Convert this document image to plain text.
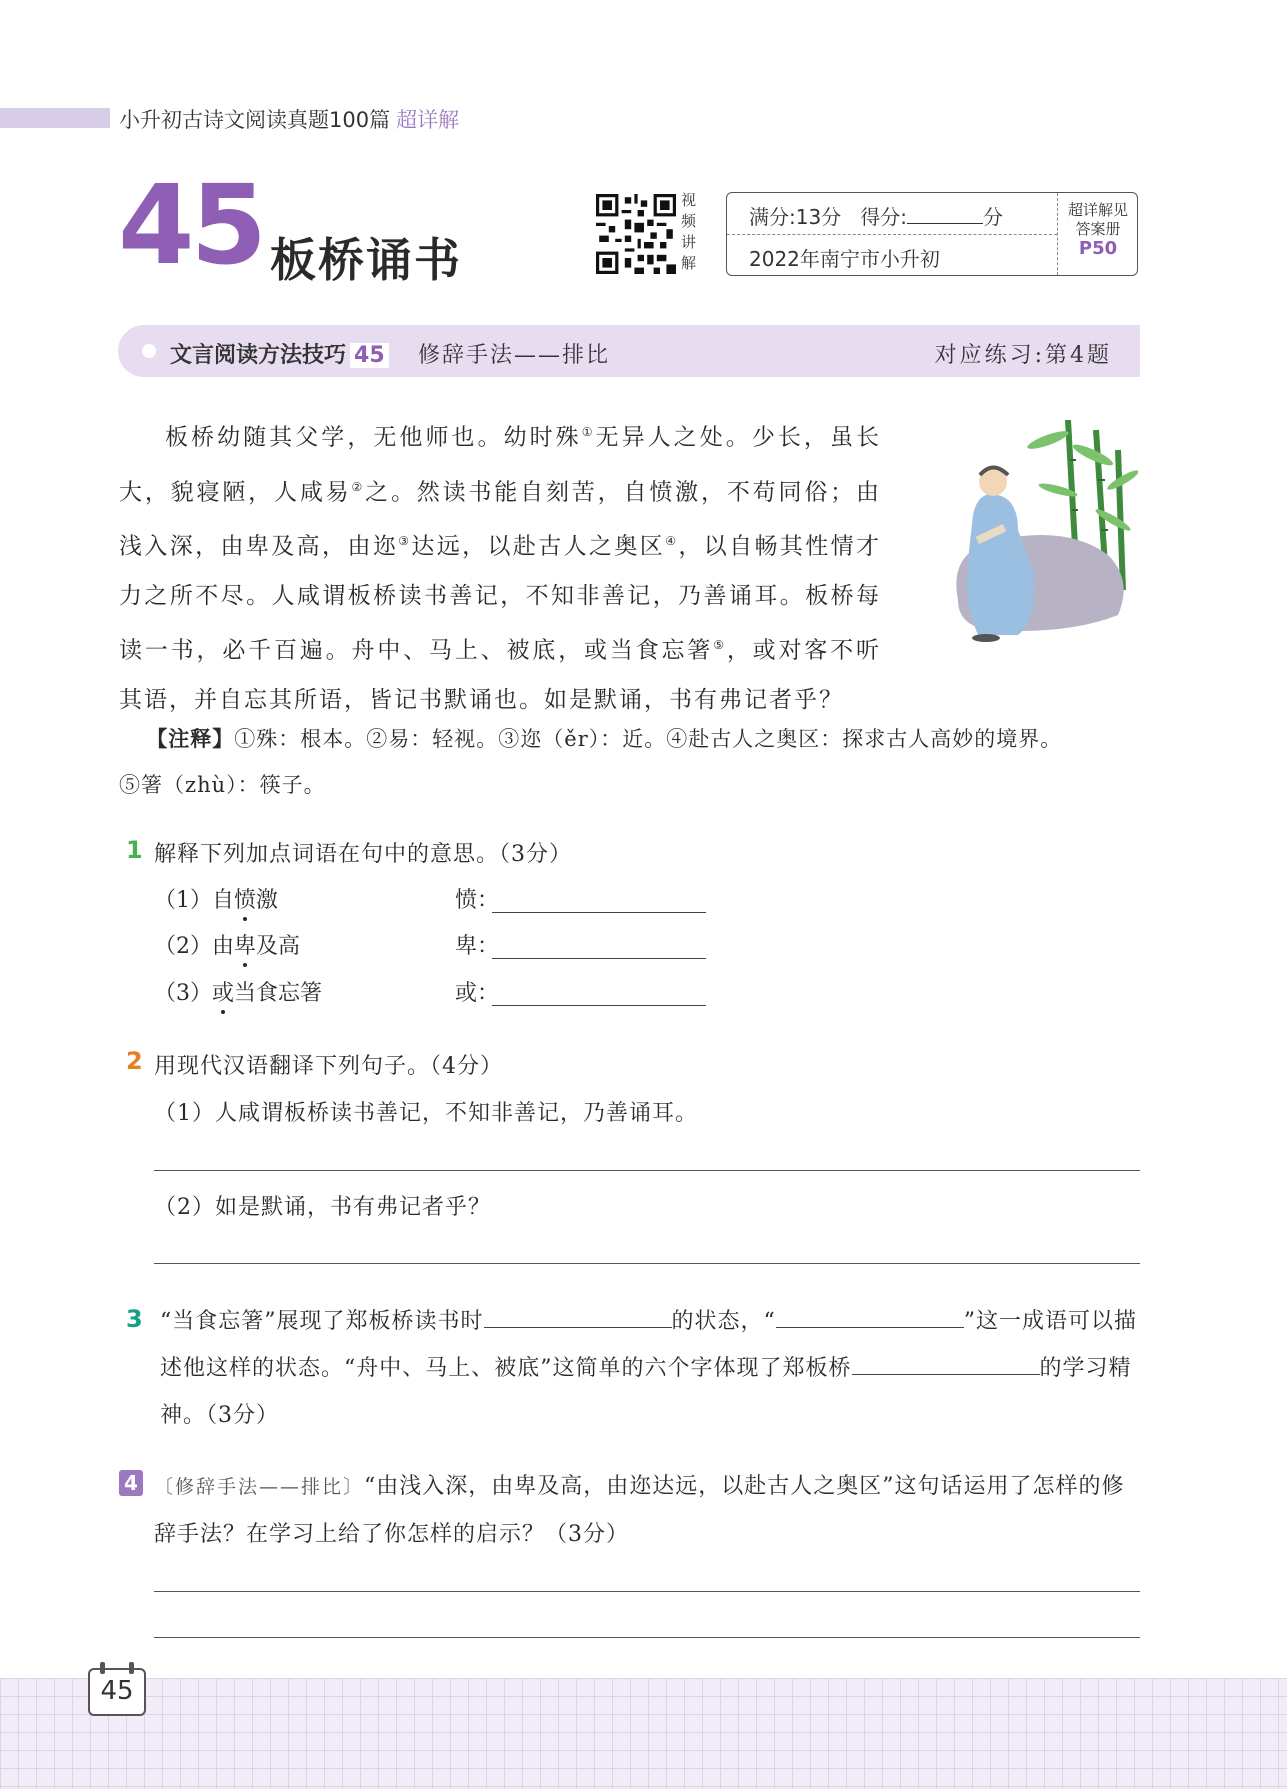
小升初古诗文阅读真题100篇 超详解
45 板桥诵书
视
频
讲
解
满分:13分 得分:	分
2022年南宁市小升初
超详解见
答案册
P50
文言阅读方法技巧 45	修辞手法——排比	对应练习:第4题

板桥幼随其父学，无他师也。幼时殊①无异人之处。少长，虽长大，貌寝陋，人咸易②之。然读书能自刻苦，自愤激，不苟同俗；由浅入深，由卑及高，由迩③达远，以赴古人之奥区④，以自畅其性情才力之所不尽。人咸谓板桥读书善记，不知非善记，乃善诵耳。板桥每读一书，必千百遍。舟中、马上、被底，或当食忘箸⑤，或对客不听其语，并自忘其所语，皆记书默诵也。如是默诵，书有弗记者乎？

【注释】①殊：根本。②易：轻视。③迩（ěr）：近。④赴古人之奥区：探求古人高妙的境界。

⑤箸（zhù）：筷子。

1 解释下列加点词语在句中的意思。（3分）
（1）自愤激	愤：
（2）由卑及高	卑：
（3）或当食忘箸	或：
2 用现代汉语翻译下列句子。（4分）
（1）人咸谓板桥读书善记，不知非善记，乃善诵耳。
（2）如是默诵，书有弗记者乎？
3 “当食忘箸”展现了郑板桥读书时	的状态，“	”这一成语可以描述他这样的状态。“舟中、马上、被底”这简单的六个字体现了郑板桥	的学习精神。（3分）
4 〔修辞手法——排比〕“由浅入深，由卑及高，由迩达远，以赴古人之奥区”这句话运用了怎样的修辞手法？在学习上给了你怎样的启示？（3分）
45
